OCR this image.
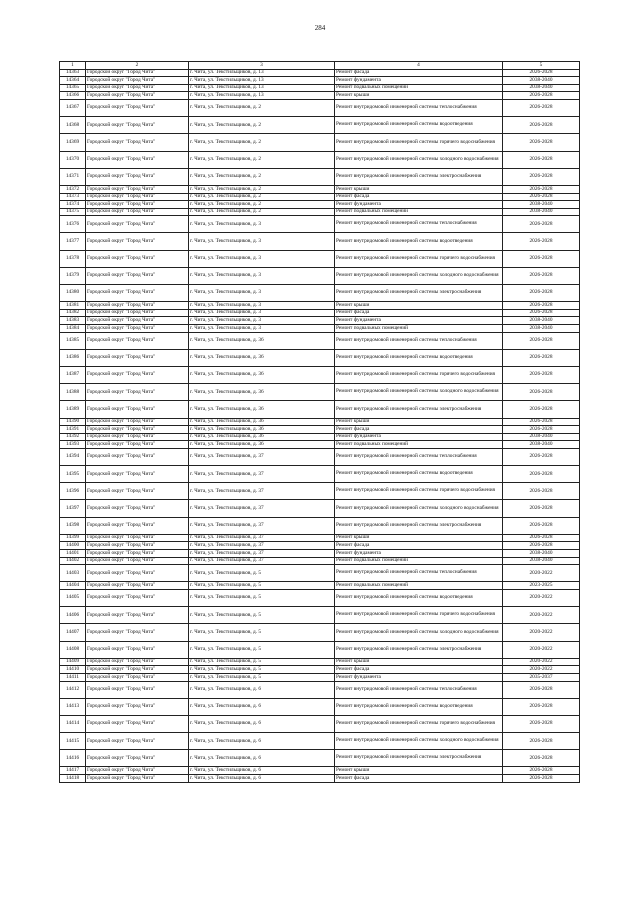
284
1	2	3	4	5
14363	Городской округ "Город Чита"	г. Чита, ул. Текстильщиков, д. 13	Ремонт фасада	2026-2028
14364	Городской округ "Город Чита"	г. Чита, ул. Текстильщиков, д. 13	Ремонт фундамента	2038-2040
14365	Городской округ "Город Чита"	г. Чита, ул. Текстильщиков, д. 13	Ремонт подвальных помещений	2038-2040
14366	Городской округ "Город Чита"	г. Чита, ул. Текстильщиков, д. 13	Ремонт крыши	2026-2028
14367	Городской округ "Город Чита"	г. Чита, ул. Текстильщиков, д. 2	Ремонт внутридомовой инженерной системы теплоснабжения	2026-2028
14368	Городской округ "Город Чита"	г. Чита, ул. Текстильщиков, д. 2	Ремонт внутридомовой инженерной системы водоотведения	2026-2028
14369	Городской округ "Город Чита"	г. Чита, ул. Текстильщиков, д. 2	Ремонт внутридомовой инженерной системы горячего водоснабжения	2026-2028
14370	Городской округ "Город Чита"	г. Чита, ул. Текстильщиков, д. 2	Ремонт внутридомовой инженерной системы холодного водоснабжения	2026-2028
14371	Городской округ "Город Чита"	г. Чита, ул. Текстильщиков, д. 2	Ремонт внутридомовой инженерной системы электроснабжения	2026-2028
14372	Городской округ "Город Чита"	г. Чита, ул. Текстильщиков, д. 2	Ремонт крыши	2026-2028
14373	Городской округ "Город Чита"	г. Чита, ул. Текстильщиков, д. 2	Ремонт фасада	2026-2028
14374	Городской округ "Город Чита"	г. Чита, ул. Текстильщиков, д. 2	Ремонт фундамента	2038-2040
14375	Городской округ "Город Чита"	г. Чита, ул. Текстильщиков, д. 2	Ремонт подвальных помещений	2038-2040
14376	Городской округ "Город Чита"	г. Чита, ул. Текстильщиков, д. 3	Ремонт внутридомовой инженерной системы теплоснабжения	2026-2028
14377	Городской округ "Город Чита"	г. Чита, ул. Текстильщиков, д. 3	Ремонт внутридомовой инженерной системы водоотведения	2026-2028
14378	Городской округ "Город Чита"	г. Чита, ул. Текстильщиков, д. 3	Ремонт внутридомовой инженерной системы горячего водоснабжения	2026-2028
14379	Городской округ "Город Чита"	г. Чита, ул. Текстильщиков, д. 3	Ремонт внутридомовой инженерной системы холодного водоснабжения	2026-2028
14380	Городской округ "Город Чита"	г. Чита, ул. Текстильщиков, д. 3	Ремонт внутридомовой инженерной системы электроснабжения	2026-2028
14381	Городской округ "Город Чита"	г. Чита, ул. Текстильщиков, д. 3	Ремонт крыши	2026-2028
14382	Городской округ "Город Чита"	г. Чита, ул. Текстильщиков, д. 3	Ремонт фасада	2026-2028
14383	Городской округ "Город Чита"	г. Чита, ул. Текстильщиков, д. 3	Ремонт фундамента	2038-2040
14384	Городской округ "Город Чита"	г. Чита, ул. Текстильщиков, д. 3	Ремонт подвальных помещений	2038-2040
14385	Городской округ "Город Чита"	г. Чита, ул. Текстильщиков, д. 36	Ремонт внутридомовой инженерной системы теплоснабжения	2026-2028
14386	Городской округ "Город Чита"	г. Чита, ул. Текстильщиков, д. 36	Ремонт внутридомовой инженерной системы водоотведения	2026-2028
14387	Городской округ "Город Чита"	г. Чита, ул. Текстильщиков, д. 36	Ремонт внутридомовой инженерной системы горячего водоснабжения	2026-2028
14388	Городской округ "Город Чита"	г. Чита, ул. Текстильщиков, д. 36	Ремонт внутридомовой инженерной системы холодного водоснабжения	2026-2028
14389	Городской округ "Город Чита"	г. Чита, ул. Текстильщиков, д. 36	Ремонт внутридомовой инженерной системы электроснабжения	2026-2028
14390	Городской округ "Город Чита"	г. Чита, ул. Текстильщиков, д. 36	Ремонт крыши	2026-2028
14391	Городской округ "Город Чита"	г. Чита, ул. Текстильщиков, д. 36	Ремонт фасада	2026-2028
14392	Городской округ "Город Чита"	г. Чита, ул. Текстильщиков, д. 36	Ремонт фундамента	2038-2040
14393	Городской округ "Город Чита"	г. Чита, ул. Текстильщиков, д. 36	Ремонт подвальных помещений	2038-2040
14394	Городской округ "Город Чита"	г. Чита, ул. Текстильщиков, д. 37	Ремонт внутридомовой инженерной системы теплоснабжения	2026-2028
14395	Городской округ "Город Чита"	г. Чита, ул. Текстильщиков, д. 37	Ремонт внутридомовой инженерной системы водоотведения	2026-2028
14396	Городской округ "Город Чита"	г. Чита, ул. Текстильщиков, д. 37	Ремонт внутридомовой инженерной системы горячего водоснабжения	2026-2028
14397	Городской округ "Город Чита"	г. Чита, ул. Текстильщиков, д. 37	Ремонт внутридомовой инженерной системы холодного водоснабжения	2026-2028
14398	Городской округ "Город Чита"	г. Чита, ул. Текстильщиков, д. 37	Ремонт внутридомовой инженерной системы электроснабжения	2026-2028
14399	Городской округ "Город Чита"	г. Чита, ул. Текстильщиков, д. 37	Ремонт крыши	2026-2028
14400	Городской округ "Город Чита"	г. Чита, ул. Текстильщиков, д. 37	Ремонт фасада	2026-2028
14401	Городской округ "Город Чита"	г. Чита, ул. Текстильщиков, д. 37	Ремонт фундамента	2038-2040
14402	Городской округ "Город Чита"	г. Чита, ул. Текстильщиков, д. 37	Ремонт подвальных помещений	2038-2040
14403	Городской округ "Город Чита"	г. Чита, ул. Текстильщиков, д. 5	Ремонт внутридомовой инженерной системы теплоснабжения	2020-2022
14404	Городской округ "Город Чита"	г. Чита, ул. Текстильщиков, д. 5	Ремонт подвальных помещений	2023-2025
14405	Городской округ "Город Чита"	г. Чита, ул. Текстильщиков, д. 5	Ремонт внутридомовой инженерной системы водоотведения	2020-2022
14406	Городской округ "Город Чита"	г. Чита, ул. Текстильщиков, д. 5	Ремонт внутридомовой инженерной системы горячего водоснабжения	2020-2022
14407	Городской округ "Город Чита"	г. Чита, ул. Текстильщиков, д. 5	Ремонт внутридомовой инженерной системы холодного водоснабжения	2020-2022
14408	Городской округ "Город Чита"	г. Чита, ул. Текстильщиков, д. 5	Ремонт внутридомовой инженерной системы электроснабжения	2020-2022
14409	Городской округ "Город Чита"	г. Чита, ул. Текстильщиков, д. 5	Ремонт крыши	2020-2022
14410	Городской округ "Город Чита"	г. Чита, ул. Текстильщиков, д. 5	Ремонт фасада	2020-2022
14411	Городской округ "Город Чита"	г. Чита, ул. Текстильщиков, д. 5	Ремонт фундамента	2035-2037
14412	Городской округ "Город Чита"	г. Чита, ул. Текстильщиков, д. 6	Ремонт внутридомовой инженерной системы теплоснабжения	2026-2028
14413	Городской округ "Город Чита"	г. Чита, ул. Текстильщиков, д. 6	Ремонт внутридомовой инженерной системы водоотведения	2026-2028
14414	Городской округ "Город Чита"	г. Чита, ул. Текстильщиков, д. 6	Ремонт внутридомовой инженерной системы горячего водоснабжения	2026-2028
14415	Городской округ "Город Чита"	г. Чита, ул. Текстильщиков, д. 6	Ремонт внутридомовой инженерной системы холодного водоснабжения	2026-2028
14416	Городской округ "Город Чита"	г. Чита, ул. Текстильщиков, д. 6	Ремонт внутридомовой инженерной системы электроснабжения	2026-2028
14417	Городской округ "Город Чита"	г. Чита, ул. Текстильщиков, д. 6	Ремонт крыши	2026-2028
14418	Городской округ "Город Чита"	г. Чита, ул. Текстильщиков, д. 6	Ремонт фасада	2026-2028
